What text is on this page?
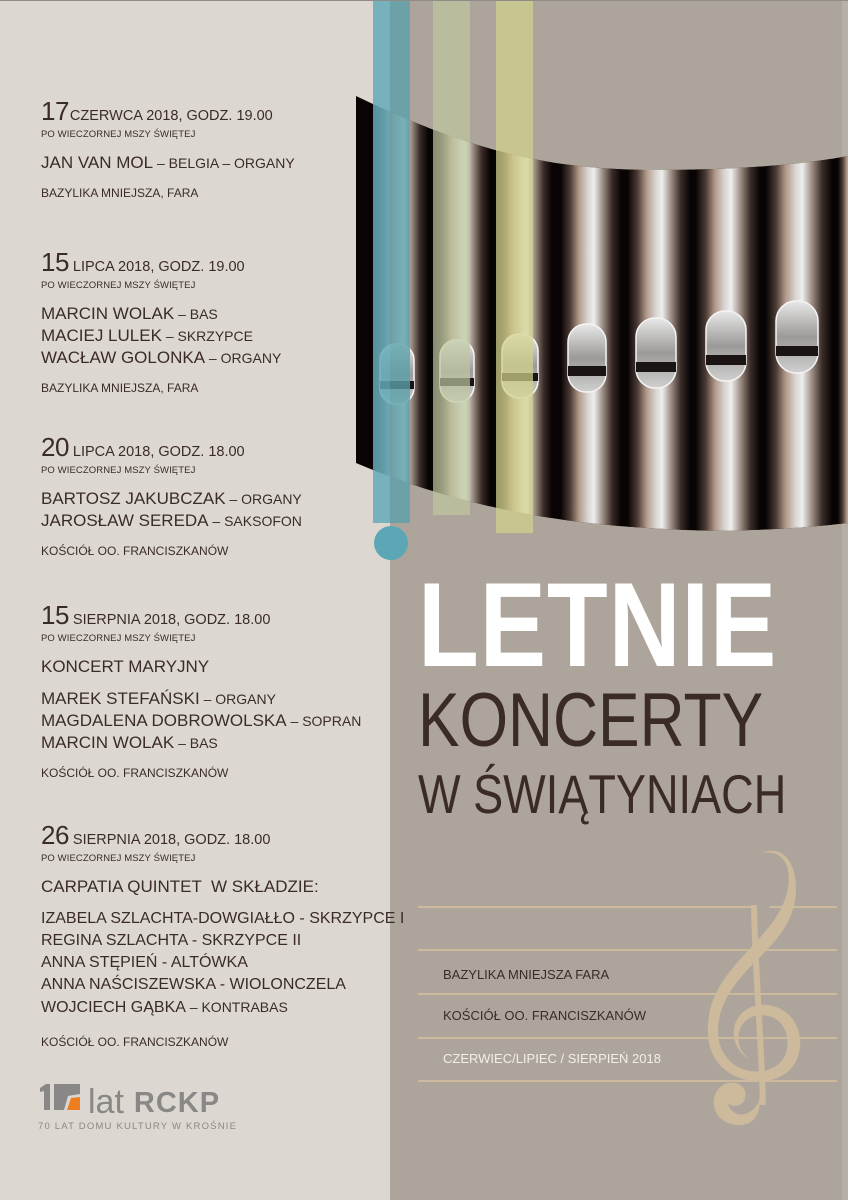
17CZERWCA 2018, GODZ. 19.00
PO WIECZORNEJ MSZY ŚWIĘTEJ
JAN VAN MOL – BELGIA – ORGANY
BAZYLIKA MNIEJSZA, FARA
15 LIPCA 2018, GODZ. 19.00
PO WIECZORNEJ MSZY ŚWIĘTEJ
MARCIN WOLAK – BAS
MACIEJ LULEK – SKRZYPCE
WACŁAW GOLONKA – ORGANY
BAZYLIKA MNIEJSZA, FARA
20 LIPCA 2018, GODZ. 18.00
PO WIECZORNEJ MSZY ŚWIĘTEJ
BARTOSZ JAKUBCZAK – ORGANY
JAROSŁAW SEREDA – SAKSOFON
KOŚCIÓŁ OO. FRANCISZKANÓW
15 SIERPNIA 2018, GODZ. 18.00
PO WIECZORNEJ MSZY ŚWIĘTEJ
KONCERT MARYJNY
MAREK STEFAŃSKI – ORGANY
MAGDALENA DOBROWOLSKA – SOPRAN
MARCIN WOLAK – BAS
KOŚCIÓŁ OO. FRANCISZKANÓW
26 SIERPNIA 2018, GODZ. 18.00
PO WIECZORNEJ MSZY ŚWIĘTEJ
CARPATIA QUINTET  W SKŁADZIE:
IZABELA SZLACHTA-DOWGIAŁŁO - SKRZYPCE I
REGINA SZLACHTA - SKRZYPCE II
ANNA STĘPIEŃ - ALTÓWKA
ANNA NAŚCISZEWSKA - WIOLONCZELA
WOJCIECH GĄBKA – KONTRABAS
KOŚCIÓŁ OO. FRANCISZKANÓW
LETNIE
KONCERTY
W ŚWIĄTYNIACH
BAZYLIKA MNIEJSZA FARA
KOŚCIÓŁ OO. FRANCISZKANÓW
CZERWIEC/LIPIEC / SIERPIEŃ 2018
lat RCKP
70 LAT DOMU KULTURY W KROŚNIE
